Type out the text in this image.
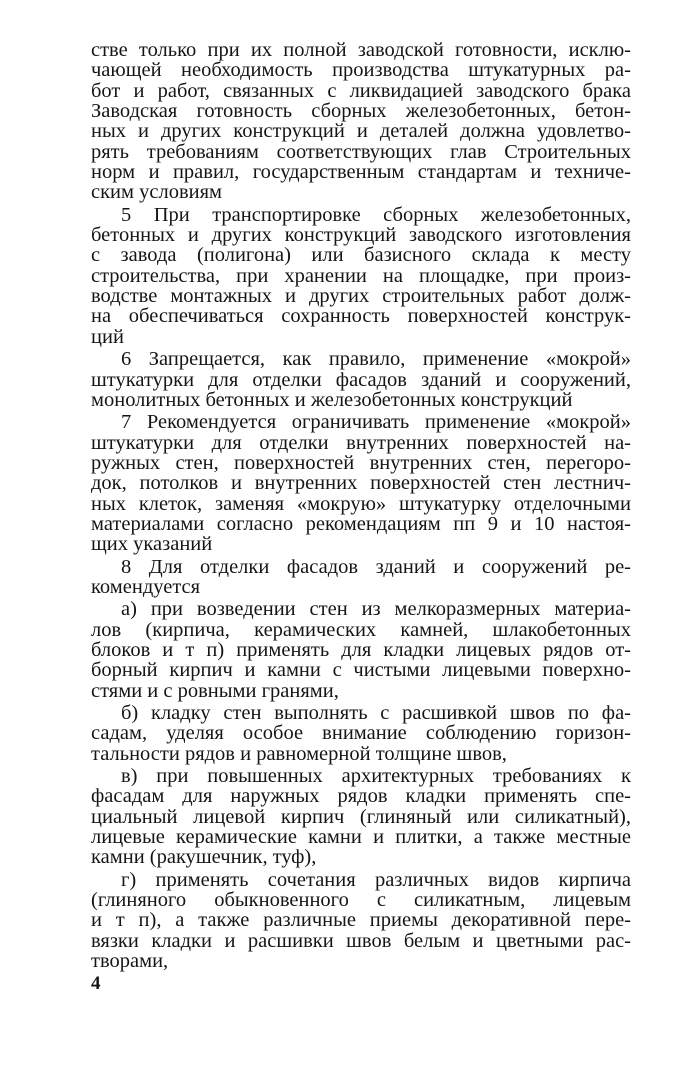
стве только при их полной заводской готовности, исклю-
чающей необходимость производства штукатурных ра-
бот и работ, связанных с ликвидацией заводского брака
Заводская готовность сборных железобетонных, бетон-
ных и других конструкций и деталей должна удовлетво-
рять требованиям соответствующих глав Строительных
норм и правил, государственным стандартам и техниче-
ским условиям
5 При транспортировке сборных железобетонных,
бетонных и других конструкций заводского изготовления
с завода (полигона) или базисного склада к месту
строительства, при хранении на площадке, при произ-
водстве монтажных и других строительных работ долж-
на обеспечиваться сохранность поверхностей конструк-
ций
6 Запрещается, как правило, применение «мокрой»
штукатурки для отделки фасадов зданий и сооружений,
монолитных бетонных и железобетонных конструкций
7 Рекомендуется ограничивать применение «мокрой»
штукатурки для отделки внутренних поверхностей на-
ружных стен, поверхностей внутренних стен, перегоро-
док, потолков и внутренних поверхностей стен лестнич-
ных клеток, заменяя «мокрую» штукатурку отделочными
материалами согласно рекомендациям пп 9 и 10 настоя-
щих указаний
8 Для отделки фасадов зданий и сооружений ре-
комендуется
а) при возведении стен из мелкоразмерных материа-
лов (кирпича, керамических камней, шлакобетонных
блоков и т п) применять для кладки лицевых рядов от-
борный кирпич и камни с чистыми лицевыми поверхно-
стями и с ровными гранями,
б) кладку стен выполнять с расшивкой швов по фа-
садам, уделяя особое внимание соблюдению горизон-
тальности рядов и равномерной толщине швов,
в) при повышенных архитектурных требованиях к
фасадам для наружных рядов кладки применять спе-
циальный лицевой кирпич (глиняный или силикатный),
лицевые керамические камни и плитки, а также местные
камни (ракушечник, туф),
г) применять сочетания различных видов кирпича
(глиняного обыкновенного с силикатным, лицевым
и т п), а также различные приемы декоративной пере-
вязки кладки и расшивки швов белым и цветными рас-
творами,
4
